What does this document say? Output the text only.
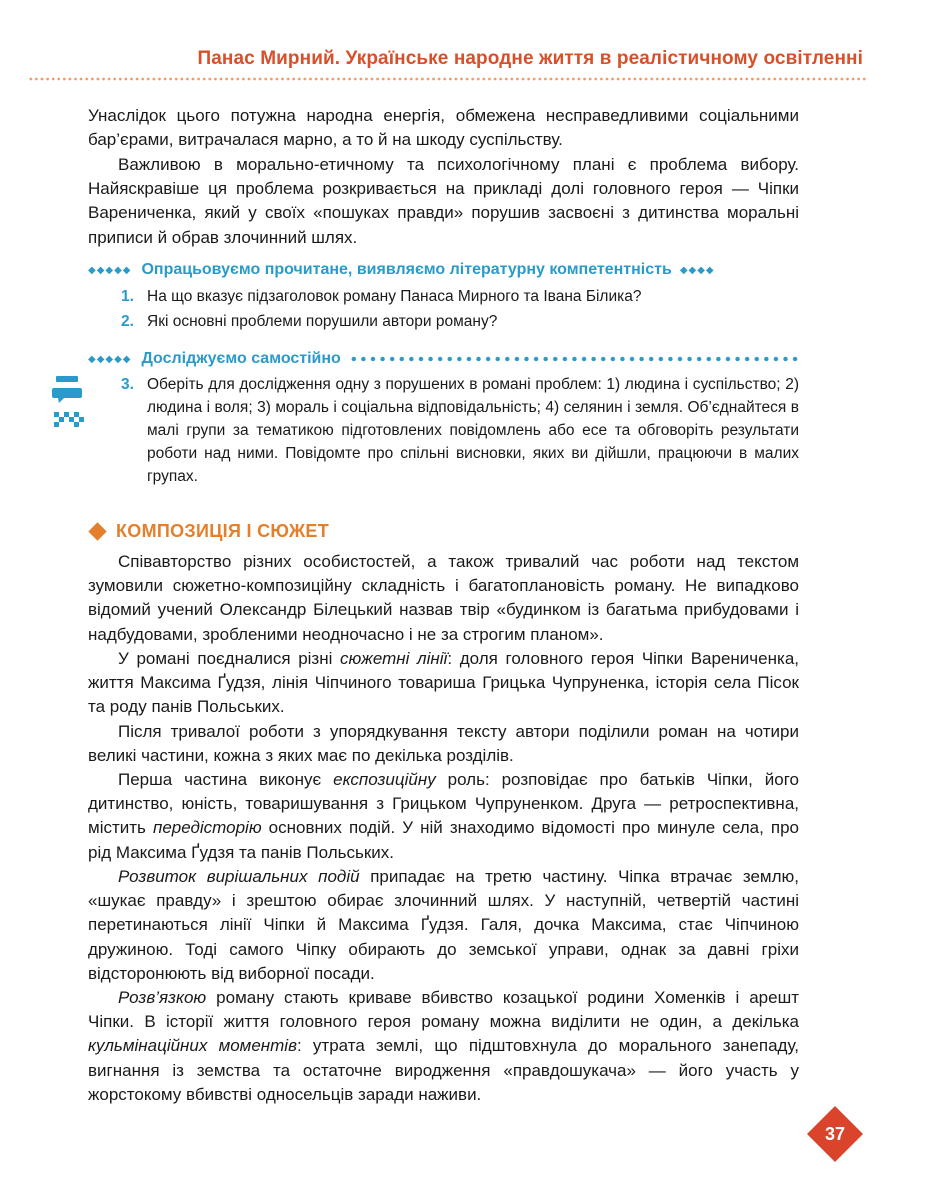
Панас Мирний. Українське народне життя в реалістичному освітленні

Унаслідок цього потужна народна енергія, обмежена несправедливими соціальними бар’єрами, витрачалася марно, а то й на шкоду суспільству.

Важливою в морально-етичному та психологічному плані є проблема вибору. Найяскравіше ця проблема розкривається на прикладі долі головного героя — Чіпки Варениченка, який у своїх «пошуках правди» порушив засвоєні з дитинства моральні приписи й обрав злочинний шлях.

◆◆◆◆◆ Опрацьовуємо прочитане, виявляємо літературну компетентність ◆◆◆◆
1. На що вказує підзаголовок роману Панаса Мирного та Івана Білика?
2. Які основні проблеми порушили автори роману?
◆◆◆◆◆ Досліджуємо самостійно
3. Оберіть для дослідження одну з порушених в романі проблем: 1) людина і суспільство; 2) людина і воля; 3) мораль і соціальна відповідальність; 4) селянин і земля. Об’єднайтеся в малі групи за тематикою підготовлених повідомлень або есе та обговоріть результати роботи над ними. Повідомте про спільні висновки, яких ви дійшли, працюючи в малих групах.
КОМПОЗИЦІЯ І СЮЖЕТ

Співавторство різних особистостей, а також тривалий час роботи над текстом зумовили сюжетно-композиційну складність і багатоплановість роману. Не випадково відомий учений Олександр Білецький назвав твір «будинком із багатьма прибудовами і надбудовами, зробленими неодночасно і не за строгим планом».

У романі поєдналися різні сюжетні лінії: доля головного героя Чіпки Варениченка, життя Максима Ґудзя, лінія Чіпчиного товариша Грицька Чупруненка, історія села Пісок та роду панів Польських.

Після тривалої роботи з упорядкування тексту автори поділили роман на чотири великі частини, кожна з яких має по декілька розділів.

Перша частина виконує експозиційну роль: розповідає про батьків Чіпки, його дитинство, юність, товаришування з Грицьком Чупруненком. Друга — ретроспективна, містить передісторію основних подій. У ній знаходимо відомості про минуле села, про рід Максима Ґудзя та панів Польських.

Розвиток вирішальних подій припадає на третю частину. Чіпка втрачає землю, «шукає правду» і зрештою обирає злочинний шлях. У наступній, четвертій частині перетинаються лінії Чіпки й Максима Ґудзя. Галя, дочка Максима, стає Чіпчиною дружиною. Тоді самого Чіпку обирають до земської управи, однак за давні гріхи відсторонюють від виборної посади.

Розв’язкою роману стають криваве вбивство козацької родини Хоменків і арешт Чіпки. В історії життя головного героя роману можна виділити не один, а декілька кульмінаційних моментів: утрата землі, що підштовхнула до морального занепаду, вигнання із земства та остаточне виродження «правдошукача» — його участь у жорстокому вбивстві односельців заради наживи.

37
